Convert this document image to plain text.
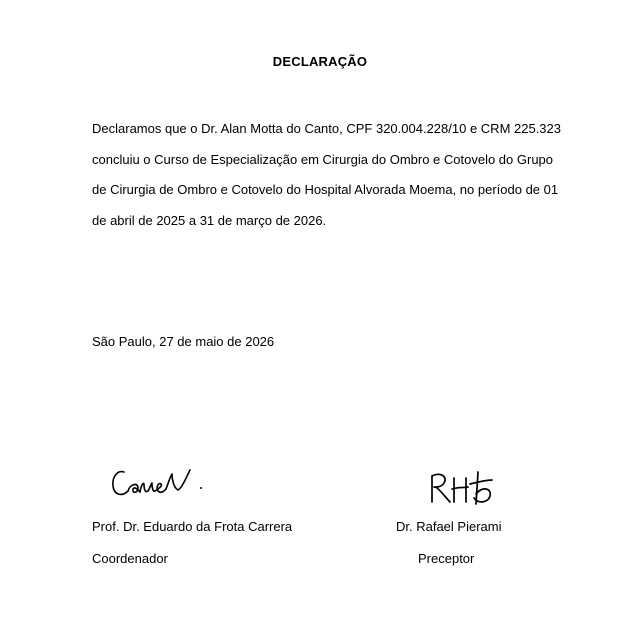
DECLARAÇÃO

Declaramos que o Dr. Alan Motta do Canto, CPF 320.004.228/10 e CRM 225.323 concluiu o Curso de Especialização em Cirurgia do Ombro e Cotovelo do Grupo de Cirurgia de Ombro e Cotovelo do Hospital Alvorada Moema, no período de 01 de abril de 2025 a 31 de março de 2026.

São Paulo, 27 de maio de 2026
Prof. Dr. Eduardo da Frota Carrera
Coordenador
Dr. Rafael Pierami
Preceptor
